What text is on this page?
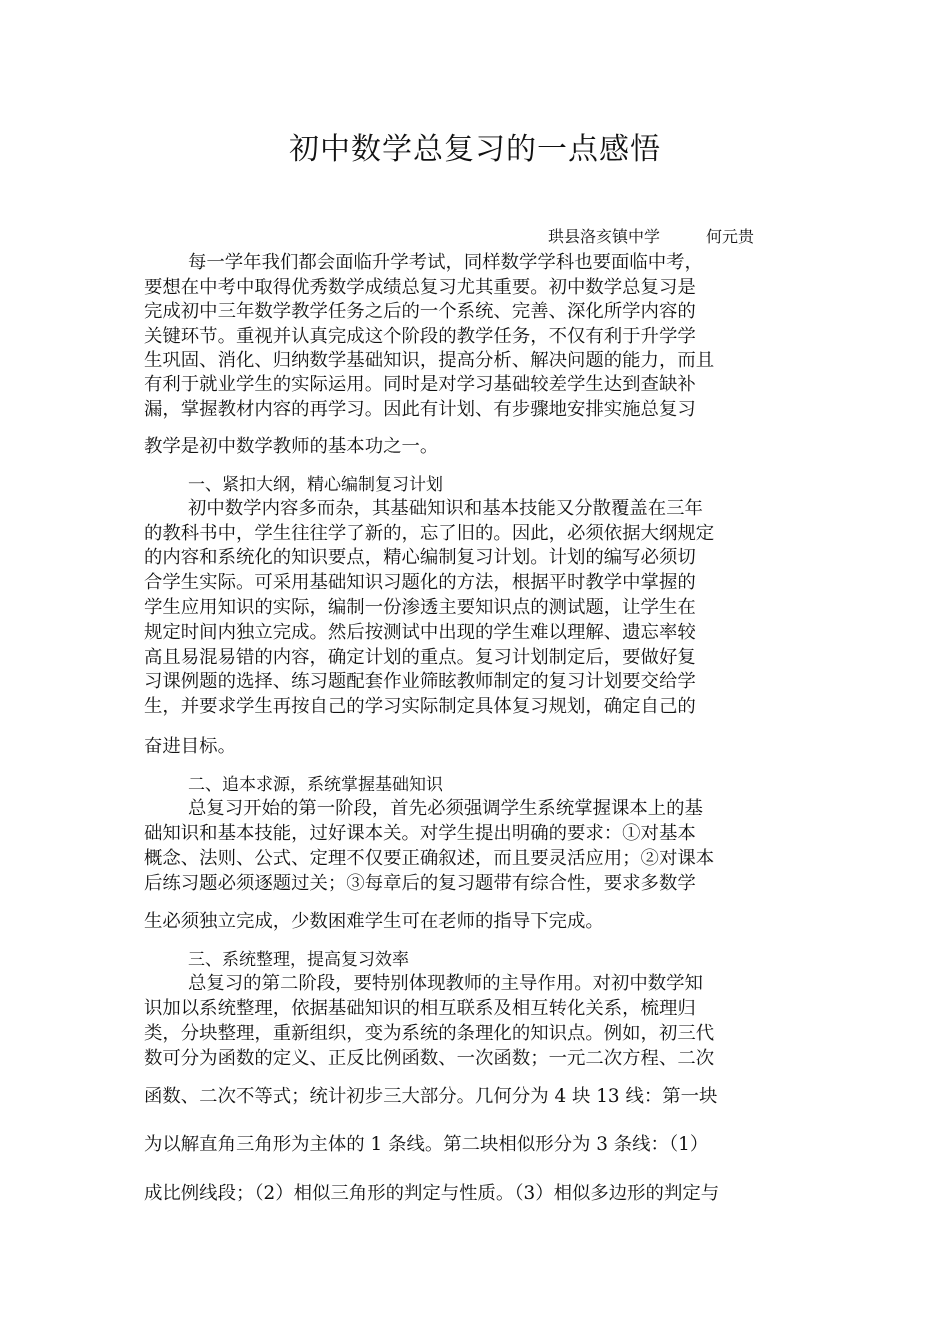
初中数学总复习的一点感悟
珙县洛亥镇中学	何元贵
每一学年我们都会面临升学考试，同样数学学科也要面临中考，
要想在中考中取得优秀数学成绩总复习尤其重要。初中数学总复习是
完成初中三年数学教学任务之后的一个系统、完善、深化所学内容的
关键环节。重视并认真完成这个阶段的教学任务，不仅有利于升学学
生巩固、消化、归纳数学基础知识，提高分析、解决问题的能力，而且
有利于就业学生的实际运用。同时是对学习基础较差学生达到查缺补
漏，掌握教材内容的再学习。因此有计划、有步骤地安排实施总复习
教学是初中数学教师的基本功之一。
一、紧扣大纲，精心编制复习计划
初中数学内容多而杂，其基础知识和基本技能又分散覆盖在三年
的教科书中，学生往往学了新的，忘了旧的。因此，必须依据大纲规定
的内容和系统化的知识要点，精心编制复习计划。计划的编写必须切
合学生实际。可采用基础知识习题化的方法，根据平时教学中掌握的
学生应用知识的实际，编制一份渗透主要知识点的测试题，让学生在
规定时间内独立完成。然后按测试中出现的学生难以理解、遗忘率较
高且易混易错的内容，确定计划的重点。复习计划制定后，要做好复
习课例题的选择、练习题配套作业筛眩教师制定的复习计划要交给学
生，并要求学生再按自己的学习实际制定具体复习规划，确定自己的
奋进目标。
二、追本求源，系统掌握基础知识
总复习开始的第一阶段，首先必须强调学生系统掌握课本上的基
础知识和基本技能，过好课本关。对学生提出明确的要求：①对基本
概念、法则、公式、定理不仅要正确叙述，而且要灵活应用；②对课本
后练习题必须逐题过关；③每章后的复习题带有综合性，要求多数学
生必须独立完成，少数困难学生可在老师的指导下完成。
三、系统整理，提高复习效率
总复习的第二阶段，要特别体现教师的主导作用。对初中数学知
识加以系统整理，依据基础知识的相互联系及相互转化关系，梳理归
类，分块整理，重新组织，变为系统的条理化的知识点。例如，初三代
数可分为函数的定义、正反比例函数、一次函数；一元二次方程、二次
函数、二次不等式；统计初步三大部分。几何分为 4 块 13 线：第一块
为以解直角三角形为主体的 1 条线。第二块相似形分为 3 条线：（1）
成比例线段；（2）相似三角形的判定与性质。（3）相似多边形的判定与
